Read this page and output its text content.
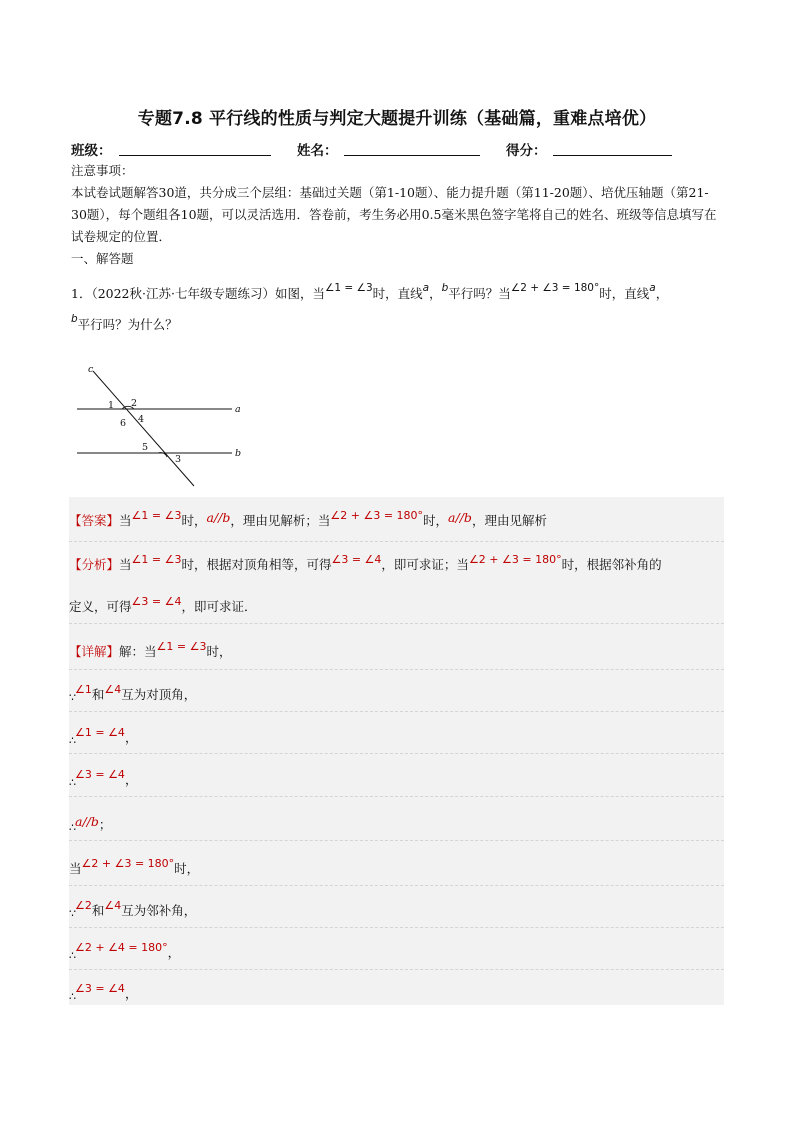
专题7.8 平行线的性质与判定大题提升训练（基础篇，重难点培优）
班级：	姓名：	得分：

注意事项：

本试卷试题解答30道，共分成三个层组：基础过关题（第1-10题）、能力提升题（第11-20题）、培优压轴题（第21-30题），每个题组各10题，可以灵活选用．答卷前，考生务必用0.5毫米黑色签字笔将自己的姓名、班级等信息填写在试卷规定的位置．

一、解答题

1．（2022秋·江苏·七年级专题练习）如图，当$^{\angle 1 = \angle 3}$时，直线$^a$，$^b$平行吗？当$^{\angle 2 + \angle 3 = 180^\circ}$时，直线$^a$，
$^b$平行吗？为什么？
c
a
b
1 2
4
6
5
3
【答案】当∠1 = ∠3时，a//b，理由见解析；当∠2 + ∠3 = 180°时，a//b，理由见解析
【分析】当∠1 = ∠3时，根据对顶角相等，可得∠3 = ∠4，即可求证；当∠2 + ∠3 = 180°时，根据邻补角的
定义，可得∠3 = ∠4，即可求证．
【详解】解：当∠1 = ∠3时，
∵∠1和∠4互为对顶角，
∴∠1 = ∠4，
∴∠3 = ∠4，
∴a//b；
当∠2 + ∠3 = 180°时，
∵∠2和∠4互为邻补角，
∴∠2 + ∠4 = 180°，
∴∠3 = ∠4，
